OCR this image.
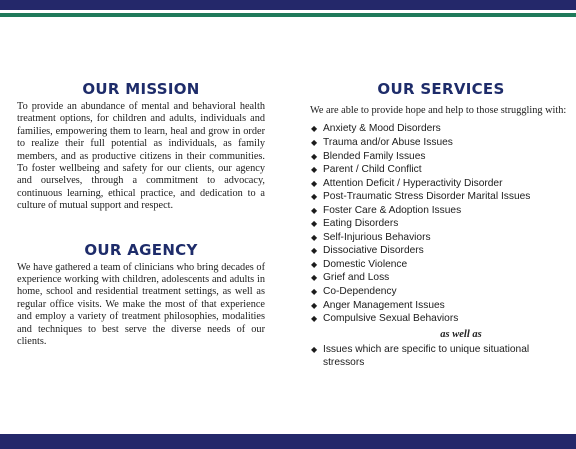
OUR MISSION

To provide an abundance of mental and behavioral health treatment options, for children and adults, individuals and families, empowering them to learn, heal and grow in order to realize their full potential as individuals, as family members, and as productive citizens in their communities. To foster wellbeing and safety for our clients, our agency and ourselves, through a commitment to advocacy, continuous learning, ethical practice, and dedication to a culture of mutual support and respect.

OUR AGENCY

We have gathered a team of clinicians who bring decades of experience working with children, adolescents and adults in home, school and residential treatment settings, as well as regular office visits. We make the most of that experience and employ a variety of treatment philosophies, modalities and techniques to best serve the diverse needs of our clients.

OUR SERVICES

We are able to provide hope and help to those struggling with:

◆ Anxiety & Mood Disorders
◆ Trauma and/or Abuse Issues
◆ Blended Family Issues
◆ Parent / Child Conflict
◆ Attention Deficit / Hyperactivity Disorder
◆ Post-Traumatic Stress Disorder Marital Issues
◆ Foster Care & Adoption Issues
◆ Eating Disorders
◆ Self-Injurious Behaviors
◆ Dissociative Disorders
◆ Domestic Violence
◆ Grief and Loss
◆ Co-Dependency
◆ Anger Management Issues
◆ Compulsive Sexual Behaviors
as well as
◆ Issues which are specific to unique situational stressors
